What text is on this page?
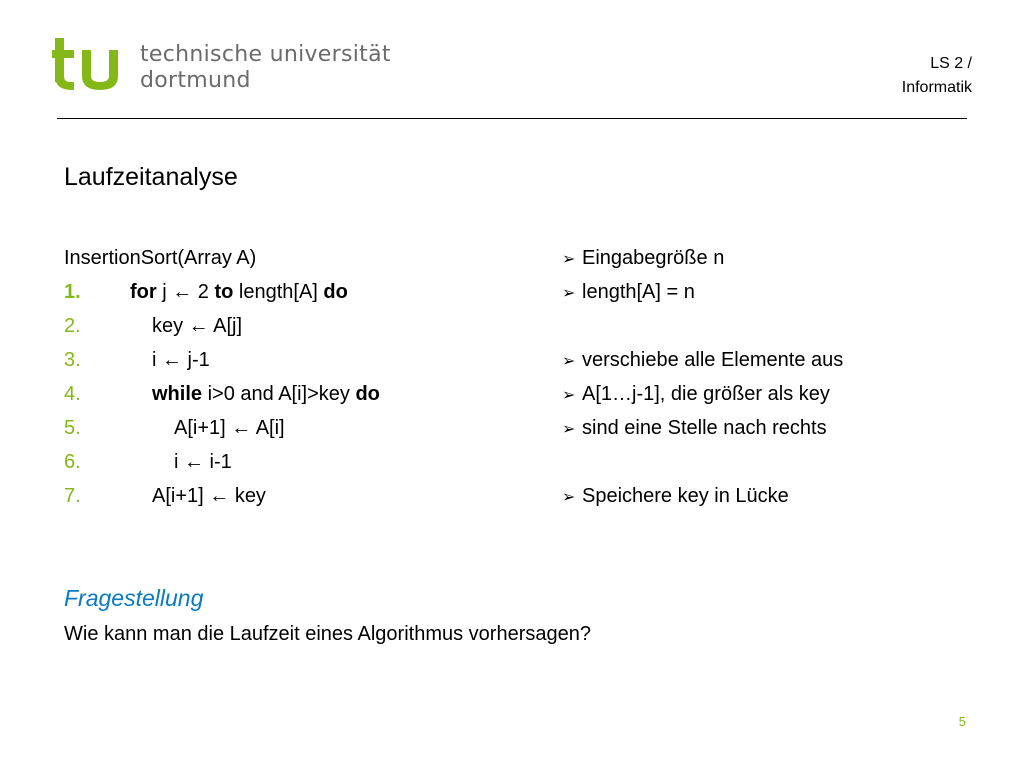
technische universität
dortmund
LS 2 /
Informatik
Laufzeitanalyse
InsertionSort(Array A)
1. for j ← 2 to length[A] do
2.	key ← A[j]
3.	i ← j-1
4.	while i>0 and A[i]>key do
5.	A[i+1] ← A[i]
6.	i ← i-1
7.	A[i+1] ← key
➢ Eingabegröße n
➢ length[A] = n
➢ verschiebe alle Elemente aus
➢ A[1…j-1], die größer als key
➢ sind eine Stelle nach rechts
➢ Speichere key in Lücke
Fragestellung
Wie kann man die Laufzeit eines Algorithmus vorhersagen?
5
